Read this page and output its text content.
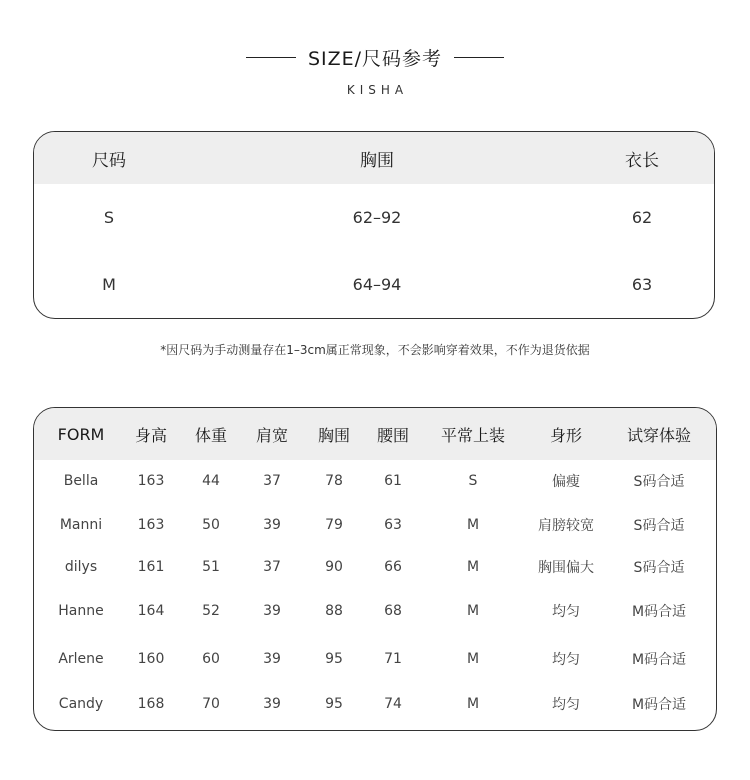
SIZE/尺码参考
KISHA
尺码	胸围	衣长
S	62–92	62
M	64–94	63
*因尺码为手动测量存在1–3cm属正常现象，不会影响穿着效果，不作为退货依据
FORM 身高 体重 肩宽 胸围 腰围 平常上装	身形	试穿体验
Bella	163	44	37	78	61	S	偏瘦	S码合适
Manni	163	50	39	79	63	M	肩膀较宽	S码合适
dilys	161	51	37	90	66	M	胸围偏大	S码合适
Hanne 164	52	39	88	68	M	均匀	M码合适
Arlene 160	60	39	95	71	M	均匀	M码合适
Candy 168	70	39	95	74	M	均匀	M码合适
